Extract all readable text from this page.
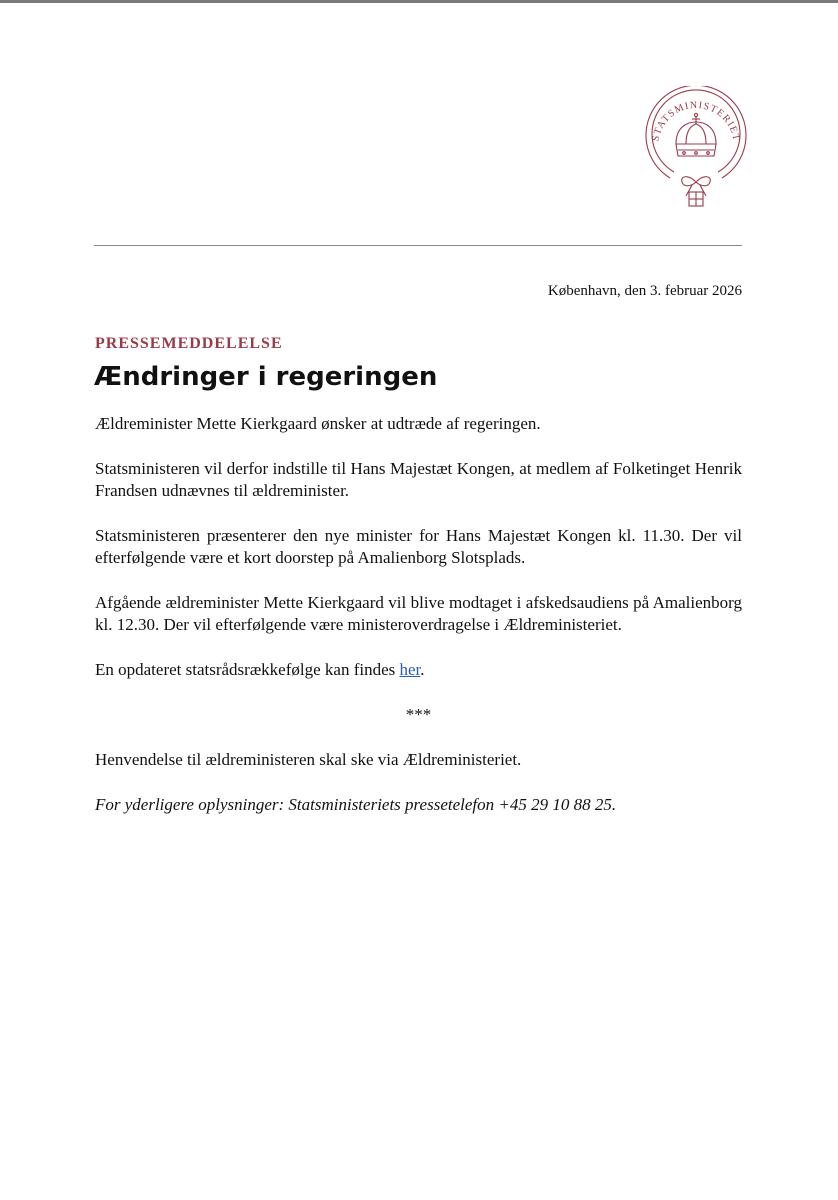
STATSMINISTERIET
København, den 3. februar 2026
PRESSEMEDDELELSE
Ændringer i regeringen

Ældreminister Mette Kierkgaard ønsker at udtræde af regeringen.

Statsministeren vil derfor indstille til Hans Majestæt Kongen, at medlem af Folketinget Henrik Frandsen udnævnes til ældreminister.

Statsministeren præsenterer den nye minister for Hans Majestæt Kongen kl. 11.30. Der vil efterfølgende være et kort doorstep på Amalienborg Slotsplads.

Afgående ældreminister Mette Kierkgaard vil blive modtaget i afskedsaudiens på Amalienborg kl. 12.30. Der vil efterfølgende være ministeroverdragelse i Ældreministeriet.

En opdateret statsrådsrækkefølge kan findes her.

***

Henvendelse til ældreministeren skal ske via Ældreministeriet.

For yderligere oplysninger: Statsministeriets pressetelefon +45 29 10 88 25.
